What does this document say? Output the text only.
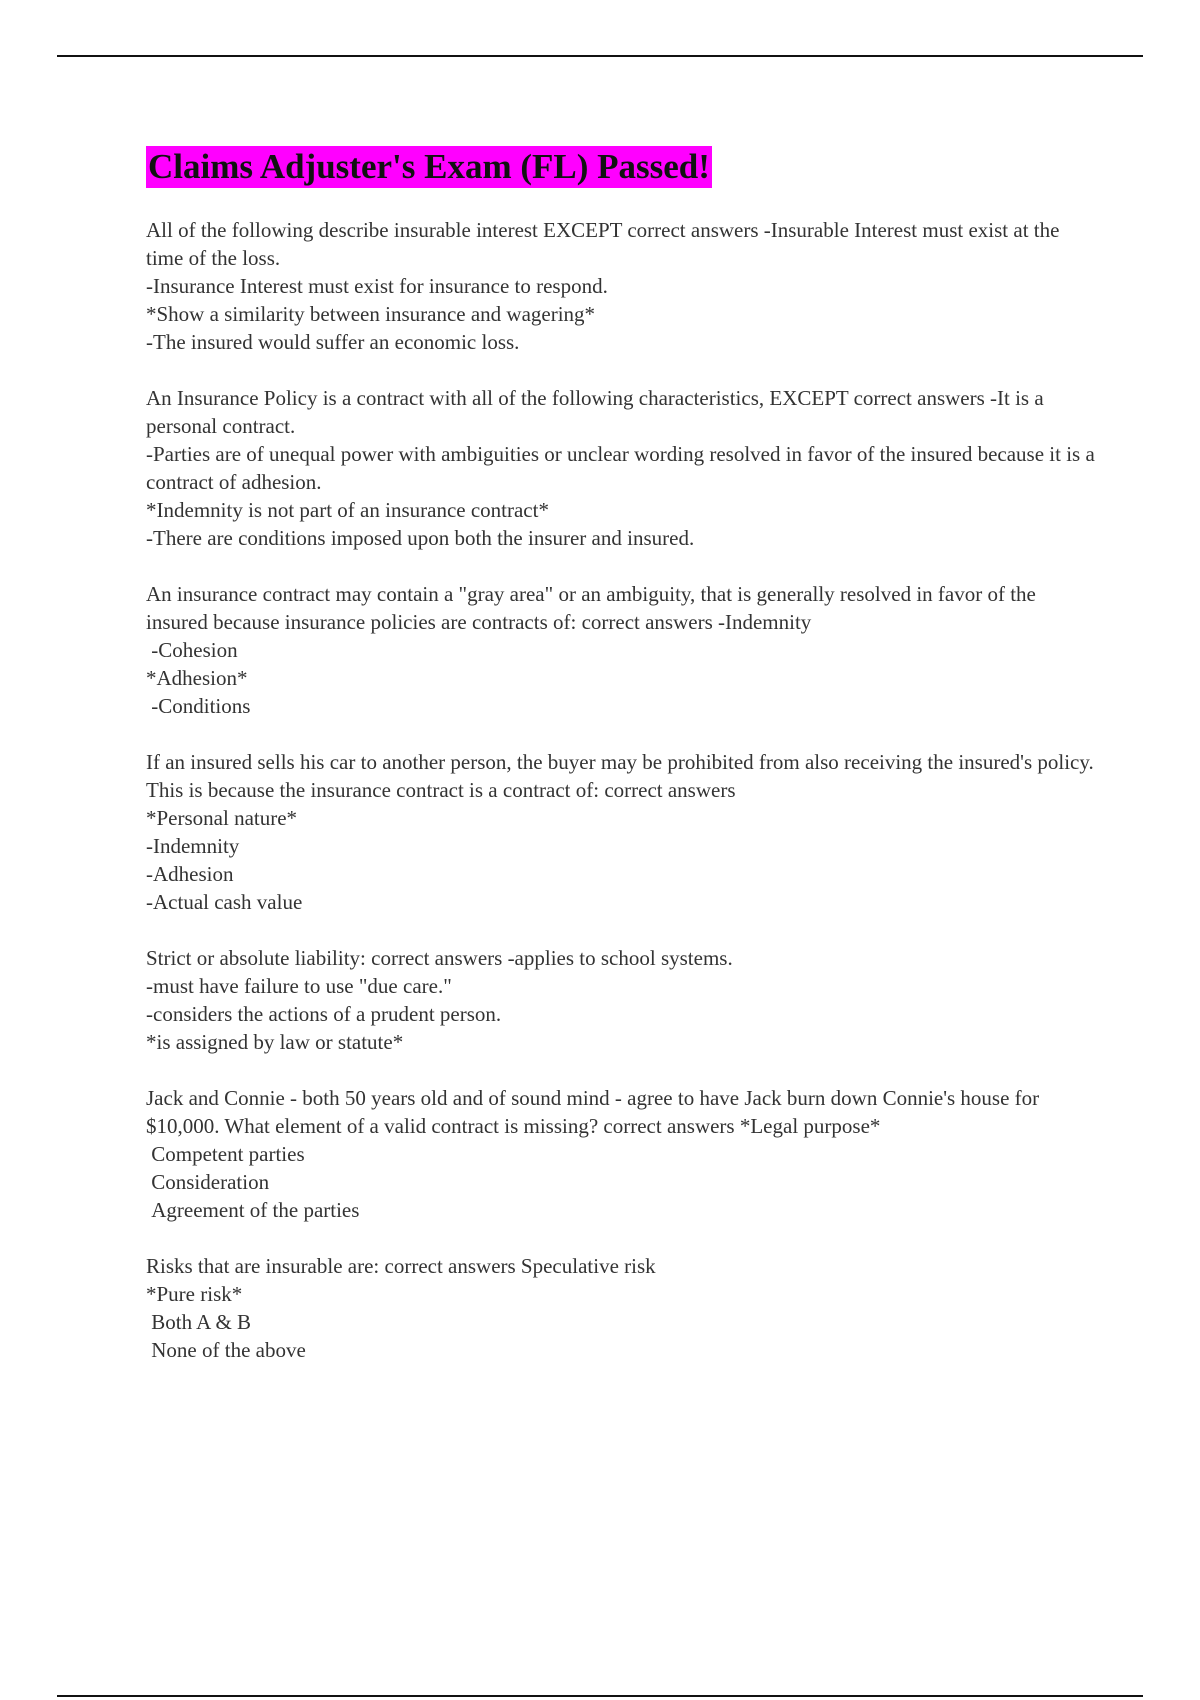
Claims Adjuster's Exam (FL) Passed!
All of the following describe insurable interest EXCEPT correct answers -Insurable Interest must exist at the time of the loss.
-Insurance Interest must exist for insurance to respond.
*Show a similarity between insurance and wagering*
-The insured would suffer an economic loss.
An Insurance Policy is a contract with all of the following characteristics, EXCEPT correct answers -It is a personal contract.
-Parties are of unequal power with ambiguities or unclear wording resolved in favor of the insured because it is a contract of adhesion.
*Indemnity is not part of an insurance contract*
-There are conditions imposed upon both the insurer and insured.
An insurance contract may contain a "gray area" or an ambiguity, that is generally resolved in favor of the insured because insurance policies are contracts of: correct answers -Indemnity
-Cohesion
*Adhesion*
-Conditions
If an insured sells his car to another person, the buyer may be prohibited from also receiving the insured's policy. This is because the insurance contract is a contract of: correct answers
*Personal nature*
-Indemnity
-Adhesion
-Actual cash value
Strict or absolute liability: correct answers -applies to school systems.
-must have failure to use "due care."
-considers the actions of a prudent person.
*is assigned by law or statute*
Jack and Connie - both 50 years old and of sound mind - agree to have Jack burn down Connie's house for $10,000. What element of a valid contract is missing? correct answers *Legal purpose*
Competent parties
Consideration
Agreement of the parties
Risks that are insurable are: correct answers Speculative risk
*Pure risk*
Both A & B
None of the above
